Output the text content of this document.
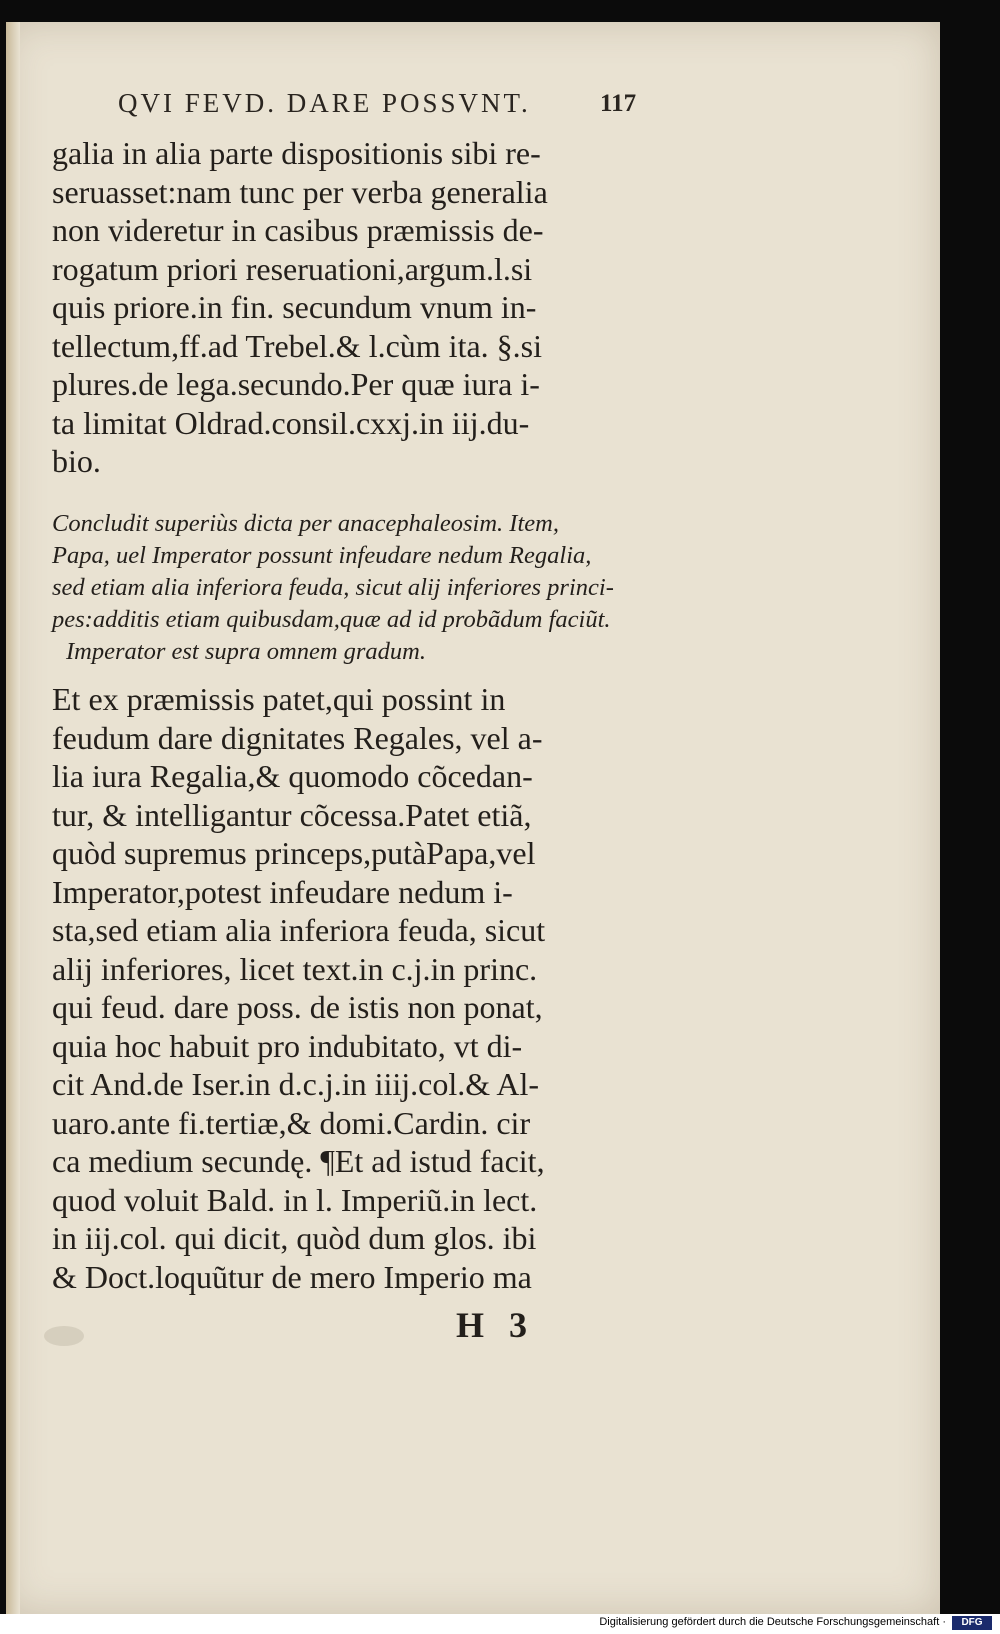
QVI FEVD. DARE POSSVNT.	117
galia in alia parte dispositionis sibi re-
seruasset:nam tunc per verba generalia
non videretur in casibus præmissis de-
rogatum priori reseruationi,argum.l.si
quis priore.in fin. secundum vnum in-
tellectum,ff.ad Trebel.& l.cùm ita. §.si
plures.de lega.secundo.Per quæ iura i-
ta limitat Oldrad.consil.cxxj.in iij.du-
bio.
Concludit superiùs dicta per anacephaleosim. Item,
Papa, uel Imperator possunt infeudare nedum Regalia,
sed etiam alia inferiora feuda, sicut alij inferiores princi-
pes:additis etiam quibusdam,quæ ad id probãdum faciũt.
Imperator est supra omnem gradum.
Et ex præmissis patet,qui possint in
feudum dare dignitates Regales, vel a-
lia iura Regalia,& quomodo cõcedan-
tur, & intelligantur cõcessa.Patet etiã,
quòd supremus princeps,putàPapa,vel
Imperator,potest infeudare nedum i-
sta,sed etiam alia inferiora feuda, sicut
alij inferiores, licet text.in c.j.in princ.
qui feud. dare poss. de istis non ponat,
quia hoc habuit pro indubitato, vt di-
cit And.de Iser.in d.c.j.in iiij.col.& Al-
uaro.ante fi.tertiæ,& domi.Cardin. cir
ca medium secundę. ¶Et ad istud facit,
quod voluit Bald. in l. Imperiũ.in lect.
in iij.col. qui dicit, quòd dum glos. ibi
& Doct.loquũtur de mero Imperio ma
H 3
Digitalisierung gefördert durch die Deutsche Forschungsgemeinschaft ·	DFG
